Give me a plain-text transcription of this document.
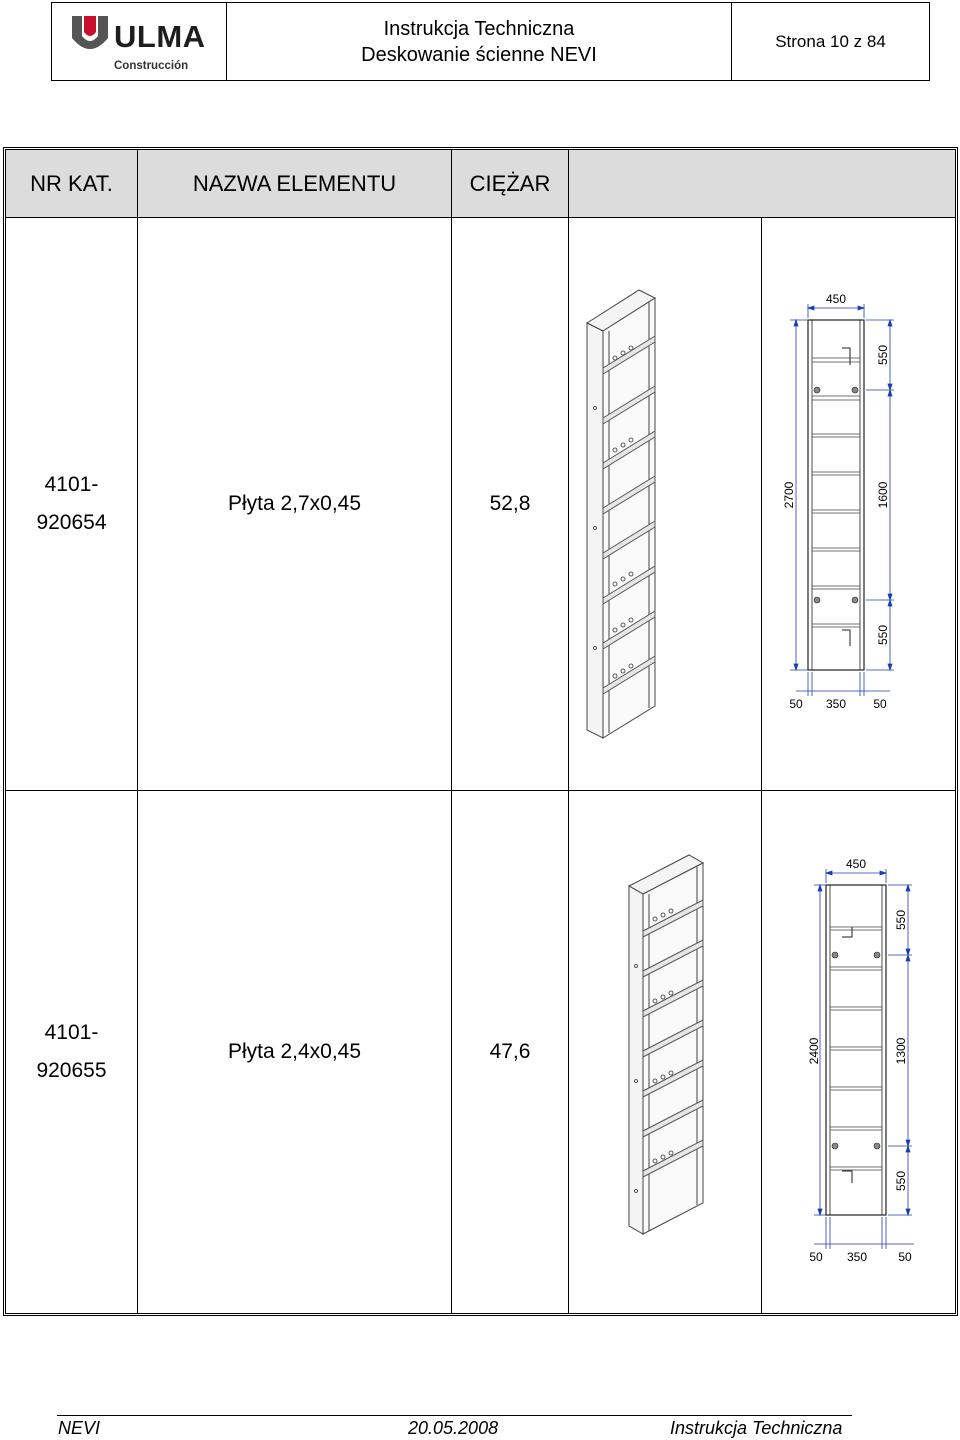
ULMA
Construcción
Instrukcja Techniczna
Deskowanie ścienne NEVI
Strona 10 z 84
NR KAT.	NAZWA ELEMENTU	CIĘŻAR
4101-
920654
Płyta 2,7x0,45	52,8
450
2700
550
1600
550
50 350 50
4101-
920655
Płyta 2,4x0,45	47,6
450
2400
550
1300
550
50 350	50
NEVI	20.05.2008	Instrukcja Techniczna
